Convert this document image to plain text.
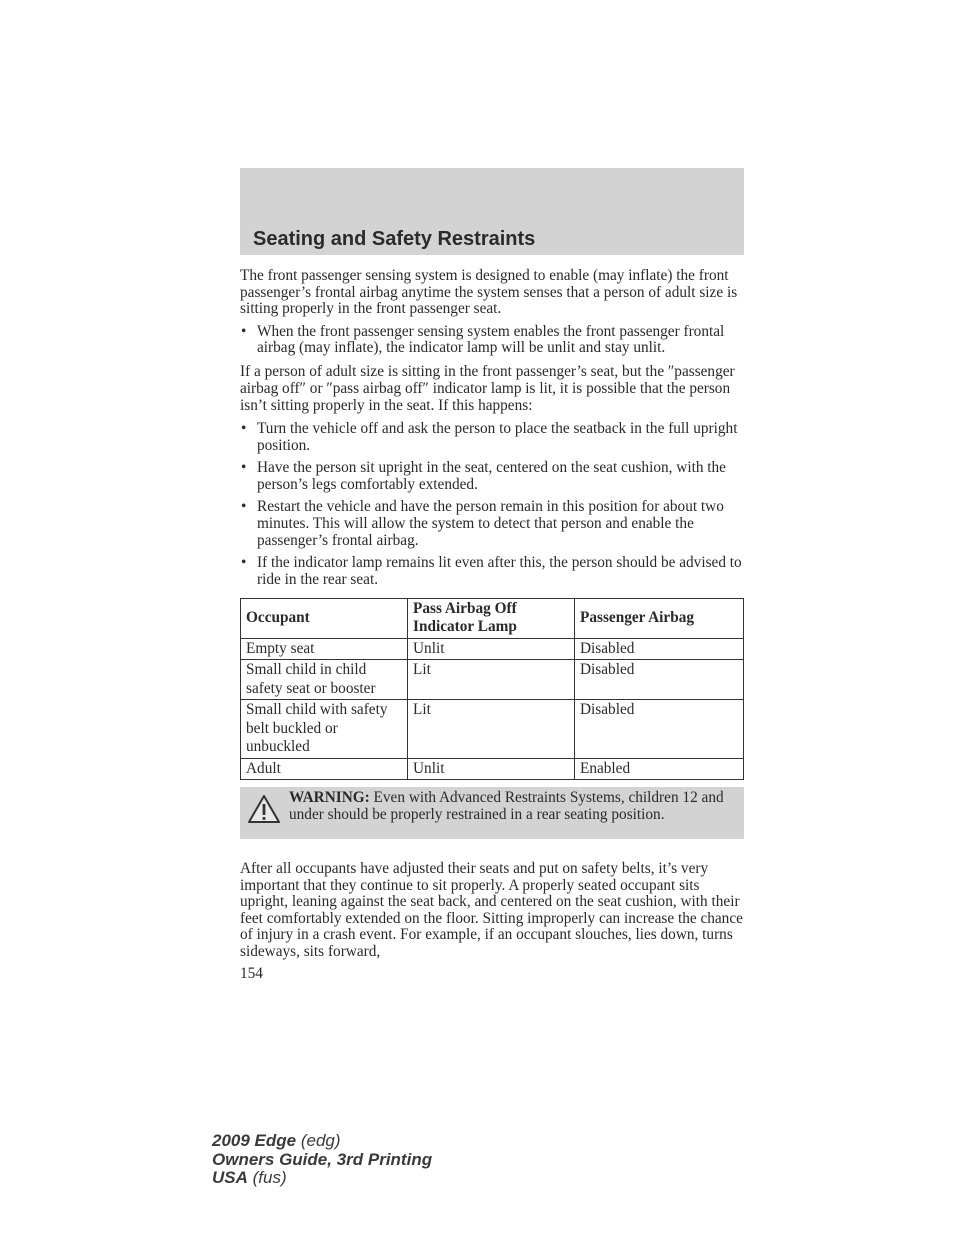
Seating and Safety Restraints

The front passenger sensing system is designed to enable (may inflate) the front passenger’s frontal airbag anytime the system senses that a person of adult size is sitting properly in the front passenger seat.

• When the front passenger sensing system enables the front passenger frontal airbag (may inflate), the indicator lamp will be unlit and stay unlit.

If a person of adult size is sitting in the front passenger’s seat, but the ″passenger airbag off″ or ″pass airbag off″ indicator lamp is lit, it is possible that the person isn’t sitting properly in the seat. If this happens:

• Turn the vehicle off and ask the person to place the seatback in the full upright position.
• Have the person sit upright in the seat, centered on the seat cushion, with the person’s legs comfortably extended.
• Restart the vehicle and have the person remain in this position for about two minutes. This will allow the system to detect that person and enable the passenger’s frontal airbag.
• If the indicator lamp remains lit even after this, the person should be advised to ride in the rear seat.
Occupant	Pass Airbag Off Indicator Lamp	Passenger Airbag
Empty seat	Unlit	Disabled
Small child in child safety seat or booster	Lit	Disabled
Small child with safety belt buckled or unbuckled	Lit	Disabled
Adult	Unlit	Enabled

WARNING: Even with Advanced Restraints Systems, children 12 and under should be properly restrained in a rear seating position.

After all occupants have adjusted their seats and put on safety belts, it’s very important that they continue to sit properly. A properly seated occupant sits upright, leaning against the seat back, and centered on the seat cushion, with their feet comfortably extended on the floor. Sitting improperly can increase the chance of injury in a crash event. For example, if an occupant slouches, lies down, turns sideways, sits forward,

154
2009 Edge (edg)
Owners Guide, 3rd Printing
USA (fus)
